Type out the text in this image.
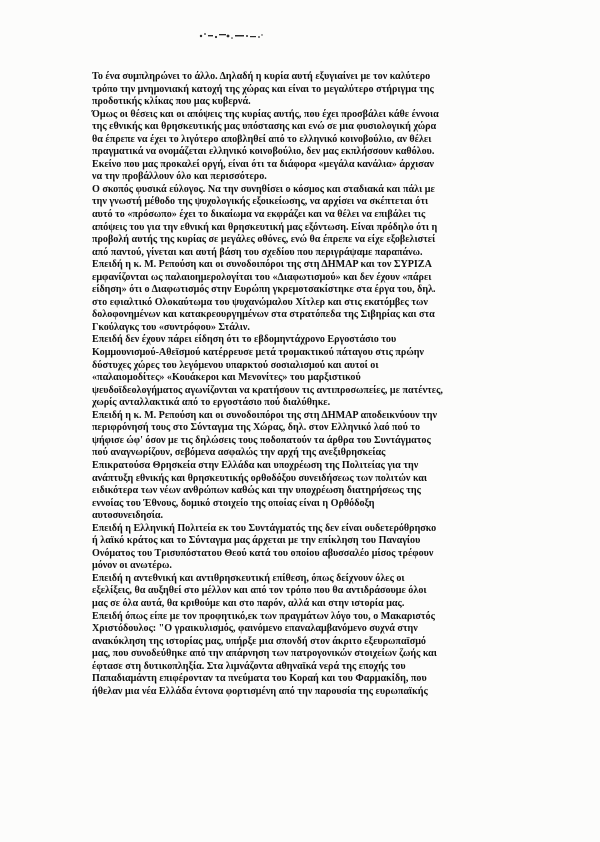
Το ένα συμπληρώνει το άλλο. Δηλαδή η κυρία αυτή εξυγιαίνει με τον καλύτερο
τρόπο την μνημονιακή κατοχή της χώρας και είναι το μεγαλύτερο στήριγμα της
προδοτικής κλίκας που μας κυβερνά.

Όμως οι θέσεις και οι απόψεις της κυρίας αυτής, που έχει προσβάλει κάθε έννοια
της εθνικής και θρησκευτικής μας υπόστασης και ενώ σε μια φυσιολογική χώρα
θα έπρεπε να έχει το λιγότερο αποβληθεί από το ελληνικό κοινοβούλιο, αν θέλει
πραγματικά να ονομάζεται ελληνικό κοινοβούλιο, δεν μας εκπλήσσουν καθόλου.
Εκείνο που μας προκαλεί οργή, είναι ότι τα διάφορα «μεγάλα κανάλια» άρχισαν
να την προβάλλουν όλο και περισσότερο.

Ο σκοπός φυσικά εύλογος. Να την συνηθίσει ο κόσμος και σταδιακά και πάλι με
την γνωστή μέθοδο της ψυχολογικής εξοικείωσης, να αρχίσει να σκέπτεται ότι
αυτό το «πρόσωπο» έχει το δικαίωμα να εκφράζει και να θέλει να επιβάλει τις
απόψεις του για την εθνική και θρησκευτική μας εξόντωση. Είναι πρόδηλο ότι η
προβολή αυτής της κυρίας σε μεγάλες οθόνες, ενώ θα έπρεπε να είχε εξοβελιστεί
από παντού, γίνεται και αυτή βάση του σχεδίου που περιγράψαμε παραπάνω.

Επειδή η κ. Μ. Ρεπούση και οι συνοδοιπόροι της στη ΔΗΜΑΡ και τον ΣΥΡΙΖΑ
εμφανίζονται ως παλαιοημερολογίται του «Διαφωτισμού» και δεν έχουν «πάρει
είδηση» ότι ο Διαφωτισμός στην Ευρώπη γκρεμοτσακίστηκε στα έργα του, δηλ.
στο εφιαλτικό Ολοκαύτωμα του ψυχανώμαλου Χίτλερ και στις εκατόμβες των
δολοφονημένων και κατακρεουργημένων στα στρατόπεδα της Σιβηρίας και στα
Γκούλαγκς του «συντρόφου» Στάλιν.

Επειδή δεν έχουν πάρει είδηση ότι το εβδομηντάχρονο Εργοστάσιο του
Κομμουνισμού-Αθεϊσμού κατέρρευσε μετά τρομακτικού πάταγου στις πρώην
δύστυχες χώρες του λεγόμενου υπαρκτού σοσιαλισμού και αυτοί οι
«παλαιομοδίτες» «Κουάκεροι και Μενονίτες» του μαρξιστικού
ψευδοϊδεολογήματος αγωνίζονται να κρατήσουν τις αντιπροσωπείες, με πατέντες,
χωρίς ανταλλακτικά από το εργοστάσιο πού διαλύθηκε.

Επειδή η κ. Μ. Ρεπούση και οι συνοδοιπόροι της στη ΔΗΜΑΡ αποδεικνύουν την
περιφρόνησή τους στο Σύνταγμα της Χώρας, δηλ. στον Ελληνικό λαό πού το
ψήφισε ώφ' όσον με τις δηλώσεις τους ποδοπατούν τα άρθρα του Συντάγματος
πού αναγνωρίζουν, σεβόμενα ασφαλώς την αρχή της ανεξιθρησκείας
Επικρατούσα Θρησκεία στην Ελλάδα και υποχρέωση της Πολιτείας για την
ανάπτυξη εθνικής και θρησκευτικής ορθοδόξου συνειδήσεως των πολιτών και
ειδικότερα των νέων ανθρώπων καθώς και την υποχρέωση διατηρήσεως της
εννοίας του Έθνους, δομικό στοιχείο της οποίας είναι η Ορθόδοξη
αυτοσυνειδησία.

Επειδή η Ελληνική Πολιτεία εκ του Συντάγματός της δεν είναι ουδετερόθρησκο
ή λαϊκό κράτος και το Σύνταγμα μας άρχεται με την επίκληση του Παναγίου
Ονόματος του Τρισυπόστατου Θεού κατά του οποίου αβυσσαλέο μίσος τρέφουν
μόνον οι ανωτέρω.

Επειδή η αντεθνική και αντιθρησκευτική επίθεση, όπως δείχνουν όλες οι
εξελίξεις, θα αυξηθεί στο μέλλον και από τον τρόπο που θα αντιδράσουμε όλοι
μας σε όλα αυτά, θα κριθούμε και στο παρόν, αλλά και στην ιστορία μας.

Επειδή όπως είπε με τον προφητικό,εκ των πραγμάτων λόγο του, ο Μακαριστός
Χριστόδουλος: "Ο γραικυλισμός, φαινόμενο επαναλαμβανόμενο συχνά στην
ανακύκληση της ιστορίας μας, υπήρξε μια σπονδή στον άκριτο εξευρωπαϊσμό
μας, που συνοδεύθηκε από την απάρνηση των πατρογονικών στοιχείων ζωής και
έφτασε στη δυτικοπληξία. Στα λιμνάζοντα αθηναϊκά νερά της εποχής του
Παπαδιαμάντη επιφέρονταν τα πνεύματα του Κοραή και του Φαρμακίδη, που
ήθελαν μια νέα Ελλάδα έντονα φορτισμένη από την παρουσία της ευρωπαϊκής
